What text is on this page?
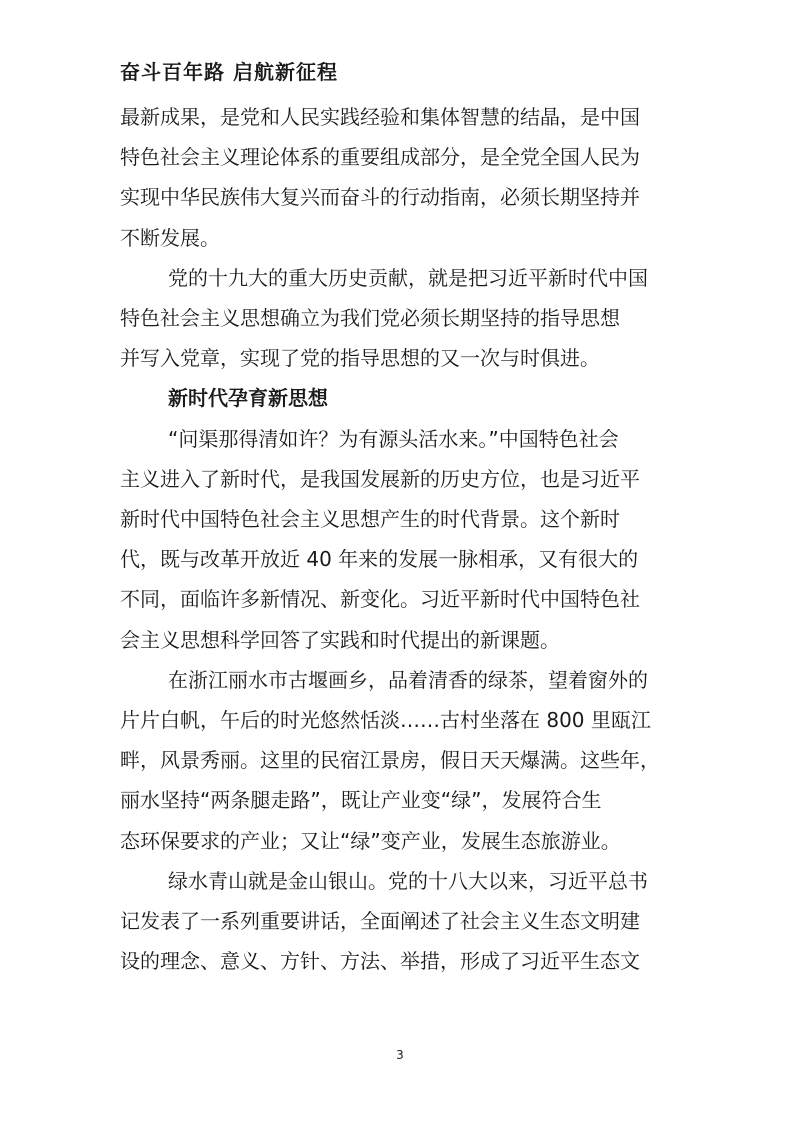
奋斗百年路 启航新征程
最新成果，是党和人民实践经验和集体智慧的结晶，是中国
特色社会主义理论体系的重要组成部分，是全党全国人民为
实现中华民族伟大复兴而奋斗的行动指南，必须长期坚持并
不断发展。
党的十九大的重大历史贡献，就是把习近平新时代中国
特色社会主义思想确立为我们党必须长期坚持的指导思想
并写入党章，实现了党的指导思想的又一次与时俱进。
新时代孕育新思想
“问渠那得清如许？为有源头活水来。”中国特色社会
主义进入了新时代，是我国发展新的历史方位，也是习近平
新时代中国特色社会主义思想产生的时代背景。这个新时
代，既与改革开放近 40 年来的发展一脉相承，又有很大的
不同，面临许多新情况、新变化。习近平新时代中国特色社
会主义思想科学回答了实践和时代提出的新课题。
在浙江丽水市古堰画乡，品着清香的绿茶，望着窗外的
片片白帆，午后的时光悠然恬淡……古村坐落在 800 里瓯江
畔，风景秀丽。这里的民宿江景房，假日天天爆满。这些年，
丽水坚持“两条腿走路”，既让产业变“绿”，发展符合生
态环保要求的产业；又让“绿”变产业，发展生态旅游业。
绿水青山就是金山银山。党的十八大以来，习近平总书
记发表了一系列重要讲话，全面阐述了社会主义生态文明建
设的理念、意义、方针、方法、举措，形成了习近平生态文
3
